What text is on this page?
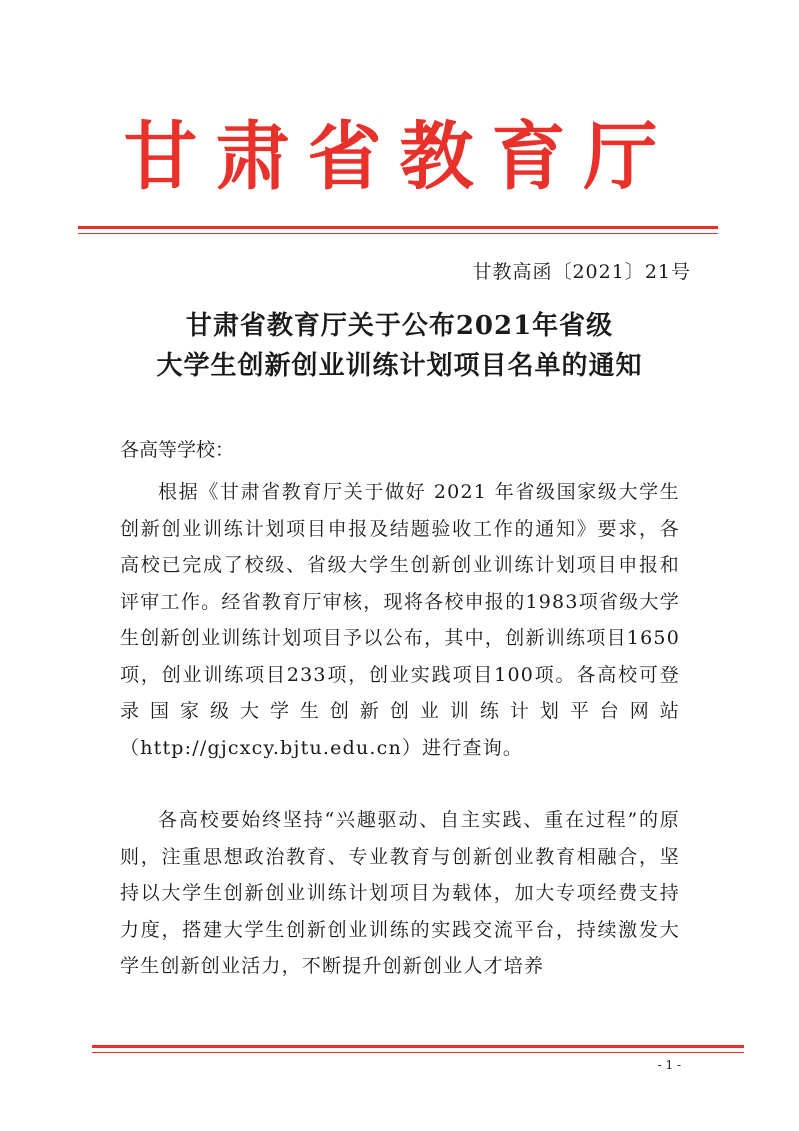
甘肃省教育厅
甘教高函〔2021〕21号
甘肃省教育厅关于公布2021年省级
大学生创新创业训练计划项目名单的通知
各高等学校：
根据《甘肃省教育厅关于做好 2021 年省级国家级大学生创新创业训练计划项目申报及结题验收工作的通知》要求，各高校已完成了校级、省级大学生创新创业训练计划项目申报和评审工作。经省教育厅审核，现将各校申报的1983项省级大学生创新创业训练计划项目予以公布，其中，创新训练项目1650项，创业训练项目233项，创业实践项目100项。各高校可登录国家级大学生创新创业训练计划平台网站（http://gjcxcy.bjtu.edu.cn）进行查询。
各高校要始终坚持“兴趣驱动、自主实践、重在过程”的原则，注重思想政治教育、专业教育与创新创业教育相融合，坚持以大学生创新创业训练计划项目为载体，加大专项经费支持力度，搭建大学生创新创业训练的实践交流平台，持续激发大学生创新创业活力，不断提升创新创业人才培养
- 1 -
